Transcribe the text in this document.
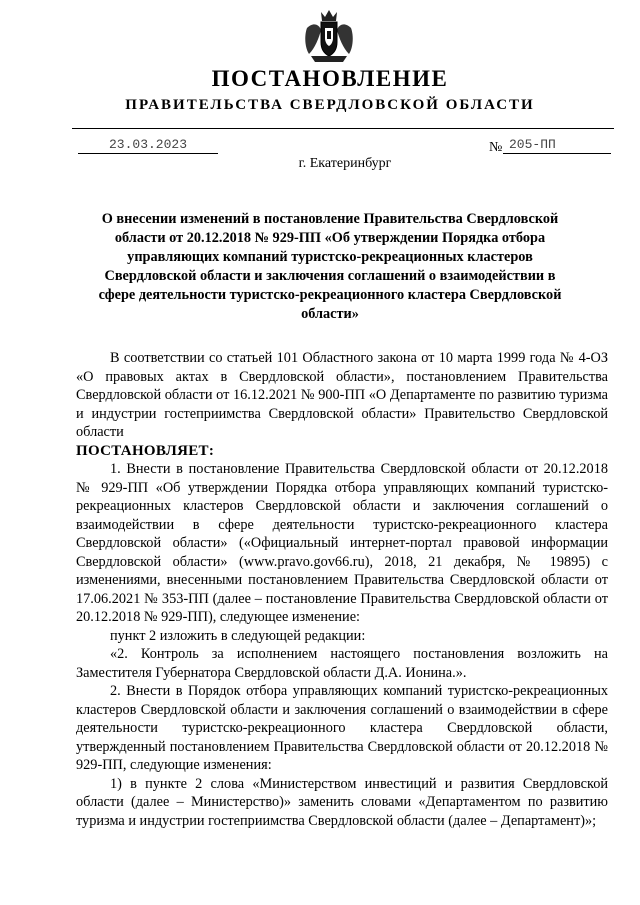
ПОСТАНОВЛЕНИЕ
ПРАВИТЕЛЬСТВА СВЕРДЛОВСКОЙ ОБЛАСТИ
23.03.2023	№ 205-ПП
г. Екатеринбург
О внесении изменений в постановление Правительства Свердловской области от 20.12.2018 № 929-ПП «Об утверждении Порядка отбора управляющих компаний туристско-рекреационных кластеров Свердловской области и заключения соглашений о взаимодействии в сфере деятельности туристско-рекреационного кластера Свердловской области»

В соответствии со статьей 101 Областного закона от 10 марта 1999 года № 4-ОЗ «О правовых актах в Свердловской области», постановлением Правительства Свердловской области от 16.12.2021 № 900-ПП «О Департаменте по развитию туризма и индустрии гостеприимства Свердловской области» Правительство Свердловской области

ПОСТАНОВЛЯЕТ:

1. Внести в постановление Правительства Свердловской области от 20.12.2018 № 929-ПП «Об утверждении Порядка отбора управляющих компаний туристско-рекреационных кластеров Свердловской области и заключения соглашений о взаимодействии в сфере деятельности туристско-рекреационного кластера Свердловской области» («Официальный интернет-портал правовой информации Свердловской области» (www.pravo.gov66.ru), 2018, 21 декабря, № 19895) с изменениями, внесенными постановлением Правительства Свердловской области от 17.06.2021 № 353-ПП (далее – постановление Правительства Свердловской области от 20.12.2018 № 929-ПП), следующее изменение:

пункт 2 изложить в следующей редакции:

«2. Контроль за исполнением настоящего постановления возложить на Заместителя Губернатора Свердловской области Д.А. Ионина.».

2. Внести в Порядок отбора управляющих компаний туристско-рекреационных кластеров Свердловской области и заключения соглашений о взаимодействии в сфере деятельности туристско-рекреационного кластера Свердловской области, утвержденный постановлением Правительства Свердловской области от 20.12.2018 № 929-ПП, следующие изменения:

1) в пункте 2 слова «Министерством инвестиций и развития Свердловской области (далее – Министерство)» заменить словами «Департаментом по развитию туризма и индустрии гостеприимства Свердловской области (далее – Департамент)»;
